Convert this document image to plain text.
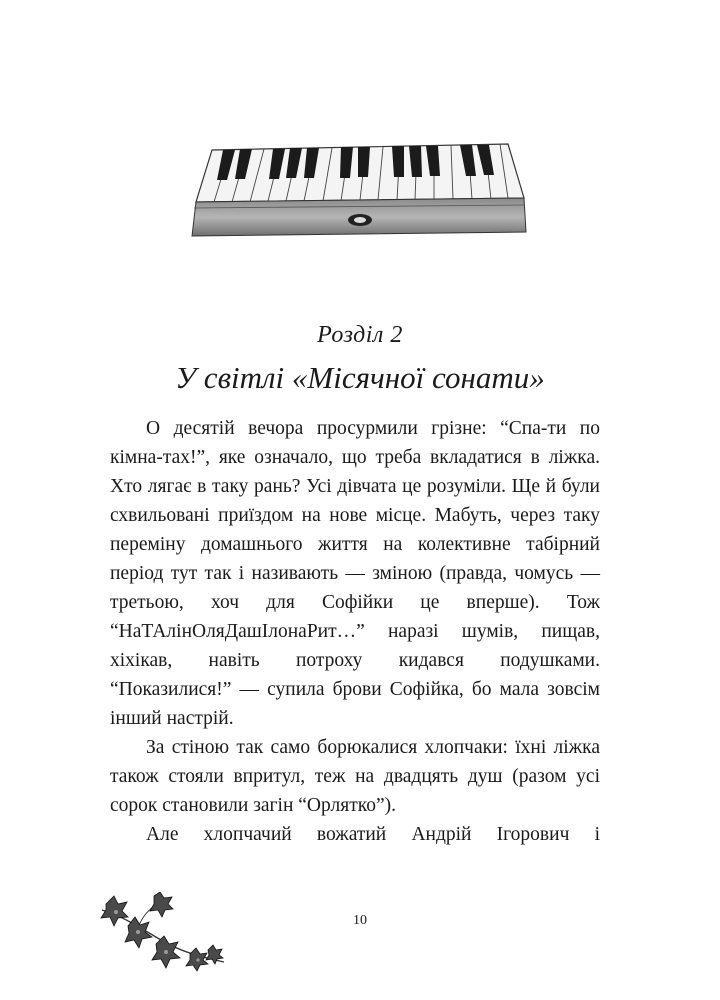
Розділ 2
У світлі «Місячної сонати»

О десятій вечора просурмили грізне: “Спа-ти по кімна-тах!”, яке означало, що треба вкладатися в ліжка. Хто лягає в таку рань? Усі дівчата це розуміли. Ще й були схвильовані приїздом на нове місце. Мабуть, через таку переміну домашнього життя на колективне табірний період тут так і називають — зміною (правда, чомусь — третьою, хоч для Софійки це вперше). Тож “НаТАлінОляДашІлонаРит…” наразі шумів, пищав, хіхікав, навіть потроху кидався подушками. “Показилися!” — супила брови Софійка, бо мала зовсім інший настрій.

За стіною так само борюкалися хлопчаки: їхні ліжка також стояли впритул, теж на двадцять душ (разом усі сорок становили загін “Орлятко”).

Але хлопчачий вожатий Андрій Ігорович і

10
